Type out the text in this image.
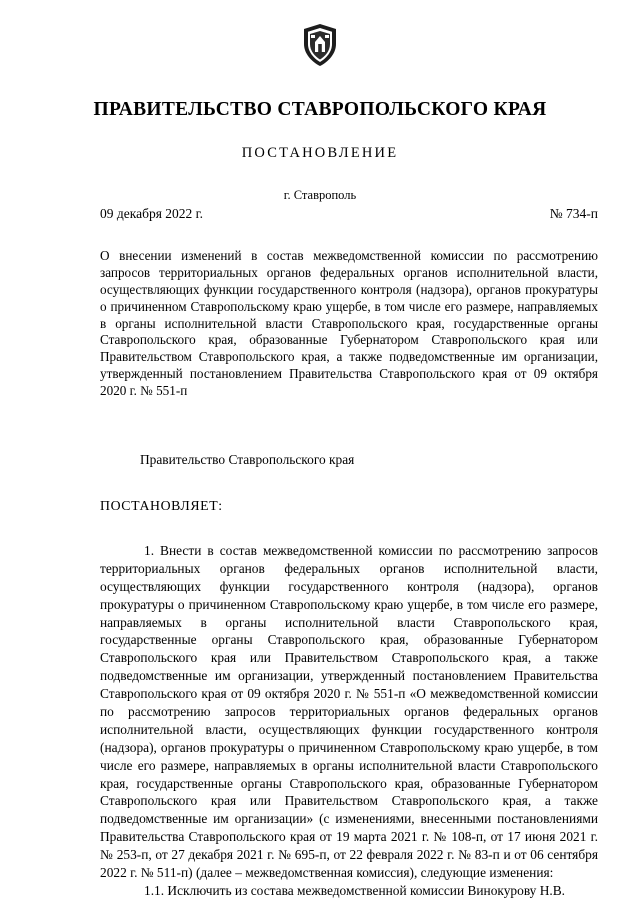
ПРАВИТЕЛЬСТВО СТАВРОПОЛЬСКОГО КРАЯ
ПОСТАНОВЛЕНИЕ
г. Ставрополь
09 декабря 2022 г.	№ 734-п

О внесении изменений в состав межведомственной комиссии по рассмотрению запросов территориальных органов федеральных органов исполнительной власти, осуществляющих функции государственного контроля (надзора), органов прокуратуры о причиненном Ставропольскому краю ущербе, в том числе его размере, направляемых в органы исполнительной власти Ставропольского края, государственные органы Ставропольского края, образованные Губернатором Ставропольского края или Правительством Ставропольского края, а также подведомственные им организации, утвержденный постановлением Правительства Ставропольского края от 09 октября 2020 г. № 551-п

Правительство Ставропольского края
ПОСТАНОВЛЯЕТ:

1. Внести в состав межведомственной комиссии по рассмотрению запросов территориальных органов федеральных органов исполнительной власти, осуществляющих функции государственного контроля (надзора), органов прокуратуры о причиненном Ставропольскому краю ущербе, в том числе его размере, направляемых в органы исполнительной власти Ставропольского края, государственные органы Ставропольского края, образованные Губернатором Ставропольского края или Правительством Ставропольского края, а также подведомственные им организации, утвержденный постановлением Правительства Ставропольского края от 09 октября 2020 г. № 551-п «О межведомственной комиссии по рассмотрению запросов территориальных органов федеральных органов исполнительной власти, осуществляющих функции государственного контроля (надзора), органов прокуратуры о причиненном Ставропольскому краю ущербе, в том числе его размере, направляемых в органы исполнительной власти Ставропольского края, государственные органы Ставропольского края, образованные Губернатором Ставропольского края или Правительством Ставропольского края, а также подведомственные им организации» (с изменениями, внесенными постановлениями Правительства Ставропольского края от 19 марта 2021 г. № 108-п, от 17 июня 2021 г. № 253-п, от 27 декабря 2021 г. № 695-п, от 22 февраля 2022 г. № 83-п и от 06 сентября 2022 г. № 511-п) (далее – межведомственная комиссия), следующие изменения:

1.1. Исключить из состава межведомственной комиссии Винокурову Н.В.
